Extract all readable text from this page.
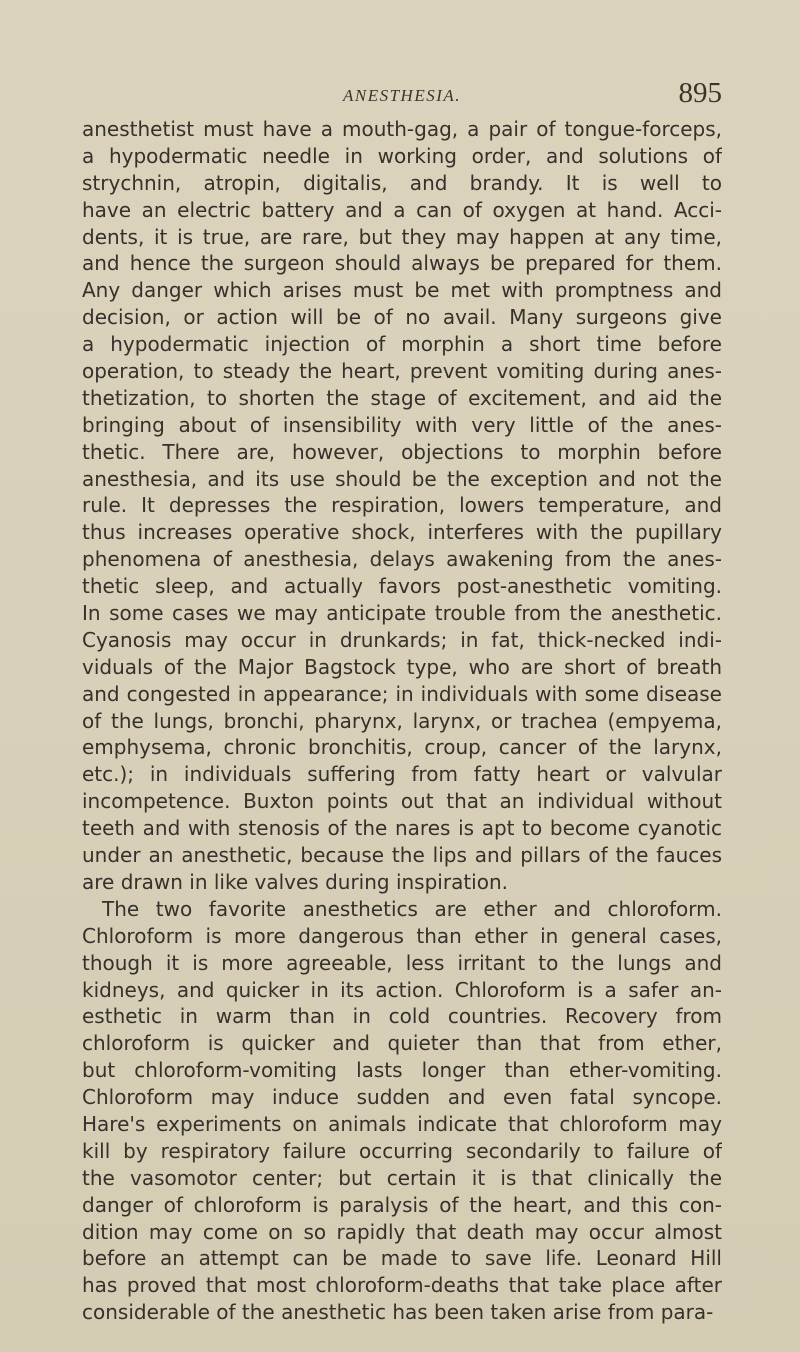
ANESTHESIA.	895
anesthetist must have a mouth-gag, a pair of tongue-forceps,
a hypodermatic needle in working order, and solutions of
strychnin, atropin, digitalis, and brandy. It is well to
have an electric battery and a can of oxygen at hand. Acci-
dents, it is true, are rare, but they may happen at any time,
and hence the surgeon should always be prepared for them.
Any danger which arises must be met with promptness and
decision, or action will be of no avail. Many surgeons give
a hypodermatic injection of morphin a short time before
operation, to steady the heart, prevent vomiting during anes-
thetization, to shorten the stage of excitement, and aid the
bringing about of insensibility with very little of the anes-
thetic. There are, however, objections to morphin before
anesthesia, and its use should be the exception and not the
rule. It depresses the respiration, lowers temperature, and
thus increases operative shock, interferes with the pupillary
phenomena of anesthesia, delays awakening from the anes-
thetic sleep, and actually favors post-anesthetic vomiting.
In some cases we may anticipate trouble from the anesthetic.
Cyanosis may occur in drunkards; in fat, thick-necked indi-
viduals of the Major Bagstock type, who are short of breath
and congested in appearance; in individuals with some disease
of the lungs, bronchi, pharynx, larynx, or trachea (empyema,
emphysema, chronic bronchitis, croup, cancer of the larynx,
etc.); in individuals suffering from fatty heart or valvular
incompetence. Buxton points out that an individual without
teeth and with stenosis of the nares is apt to become cyanotic
under an anesthetic, because the lips and pillars of the fauces
are drawn in like valves during inspiration.
The two favorite anesthetics are ether and chloroform.
Chloroform is more dangerous than ether in general cases,
though it is more agreeable, less irritant to the lungs and
kidneys, and quicker in its action. Chloroform is a safer an-
esthetic in warm than in cold countries. Recovery from
chloroform is quicker and quieter than that from ether,
but chloroform-vomiting lasts longer than ether-vomiting.
Chloroform may induce sudden and even fatal syncope.
Hare's experiments on animals indicate that chloroform may
kill by respiratory failure occurring secondarily to failure of
the vasomotor center; but certain it is that clinically the
danger of chloroform is paralysis of the heart, and this con-
dition may come on so rapidly that death may occur almost
before an attempt can be made to save life. Leonard Hill
has proved that most chloroform-deaths that take place after
considerable of the anesthetic has been taken arise from para-
